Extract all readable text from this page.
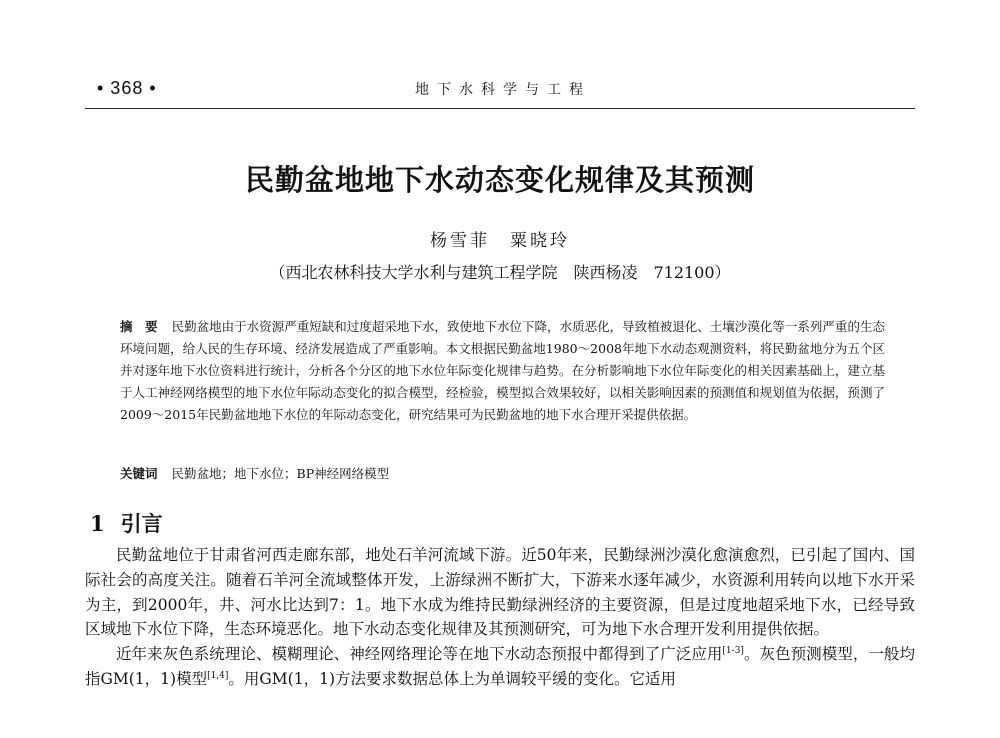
• 368 •	地下水科学与工程
民勤盆地地下水动态变化规律及其预测
杨雪菲　粟晓玲
（西北农林科技大学水利与建筑工程学院　陕西杨凌　712100）
摘　要 民勤盆地由于水资源严重短缺和过度超采地下水，致使地下水位下降，水质恶化，导致植被退化、土壤沙漠化等一系列严重的生态环境问题，给人民的生存环境、经济发展造成了严重影响。本文根据民勤盆地1980～2008年地下水动态观测资料，将民勤盆地分为五个区并对逐年地下水位资料进行统计，分析各个分区的地下水位年际变化规律与趋势。在分析影响地下水位年际变化的相关因素基础上，建立基于人工神经网络模型的地下水位年际动态变化的拟合模型，经检验，模型拟合效果较好，以相关影响因素的预测值和规划值为依据，预测了2009～2015年民勤盆地地下水位的年际动态变化，研究结果可为民勤盆地的地下水合理开采提供依据。
关键词 民勤盆地；地下水位；BP神经网络模型
1 引言

民勤盆地位于甘肃省河西走廊东部，地处石羊河流域下游。近50年来，民勤绿洲沙漠化愈演愈烈，已引起了国内、国际社会的高度关注。随着石羊河全流域整体开发，上游绿洲不断扩大，下游来水逐年减少，水资源利用转向以地下水开采为主，到2000年，井、河水比达到7：1。地下水成为维持民勤绿洲经济的主要资源，但是过度地超采地下水，已经导致区域地下水位下降，生态环境恶化。地下水动态变化规律及其预测研究，可为地下水合理开发利用提供依据。

近年来灰色系统理论、模糊理论、神经网络理论等在地下水动态预报中都得到了广泛应用[1-3]。灰色预测模型，一般均指GM(1，1)模型[1,4]。用GM(1，1)方法要求数据总体上为单调较平缓的变化。它适用
